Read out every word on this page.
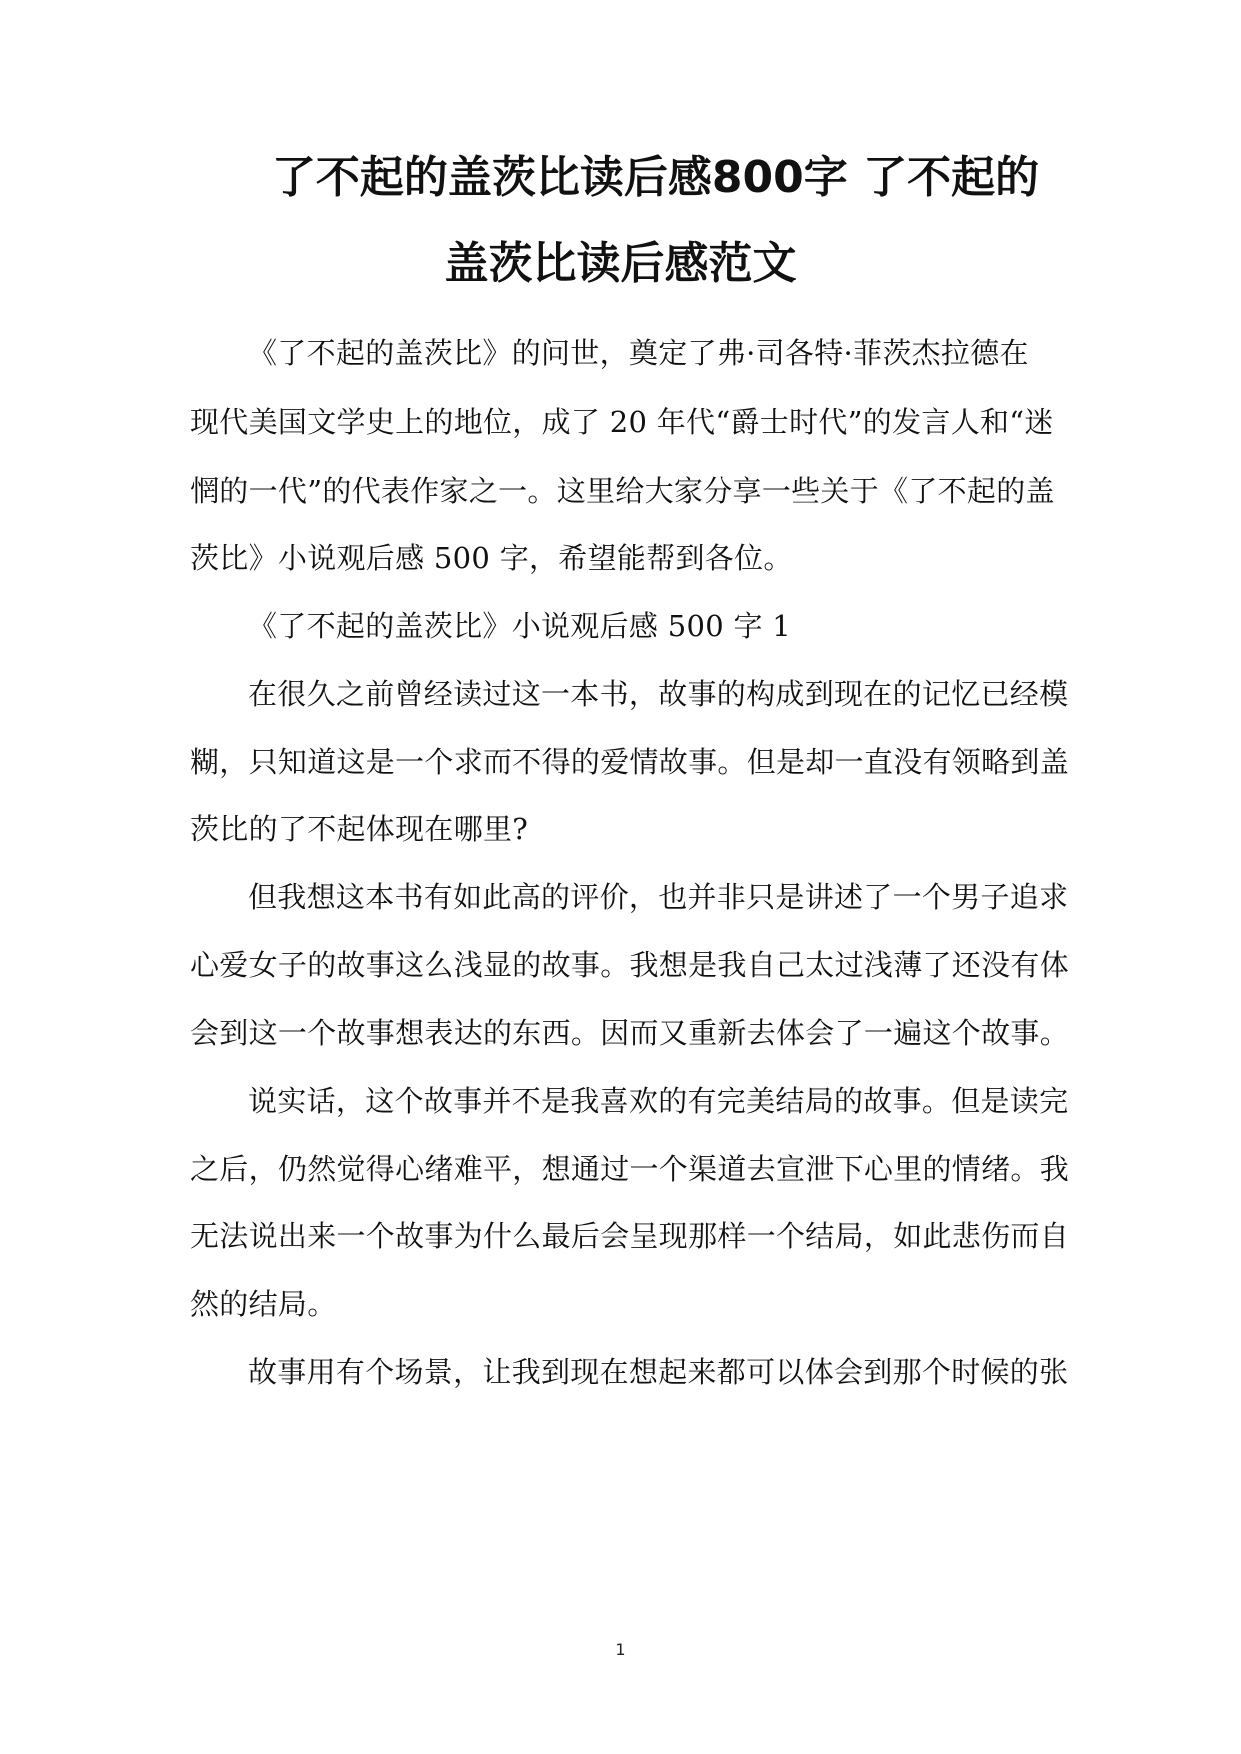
了不起的盖茨比读后感800字 了不起的
盖茨比读后感范文
《了不起的盖茨比》的问世，奠定了弗·司各特·菲茨杰拉德在
现代美国文学史上的地位，成了 20 年代“爵士时代”的发言人和“迷
惘的一代”的代表作家之一。这里给大家分享一些关于《了不起的盖
茨比》小说观后感 500 字，希望能帮到各位。
《了不起的盖茨比》小说观后感 500 字 1
在很久之前曾经读过这一本书，故事的构成到现在的记忆已经模
糊，只知道这是一个求而不得的爱情故事。但是却一直没有领略到盖
茨比的了不起体现在哪里?
但我想这本书有如此高的评价，也并非只是讲述了一个男子追求
心爱女子的故事这么浅显的故事。我想是我自己太过浅薄了还没有体
会到这一个故事想表达的东西。因而又重新去体会了一遍这个故事。
说实话，这个故事并不是我喜欢的有完美结局的故事。但是读完
之后，仍然觉得心绪难平，想通过一个渠道去宣泄下心里的情绪。我
无法说出来一个故事为什么最后会呈现那样一个结局，如此悲伤而自
然的结局。
故事用有个场景，让我到现在想起来都可以体会到那个时候的张
1
